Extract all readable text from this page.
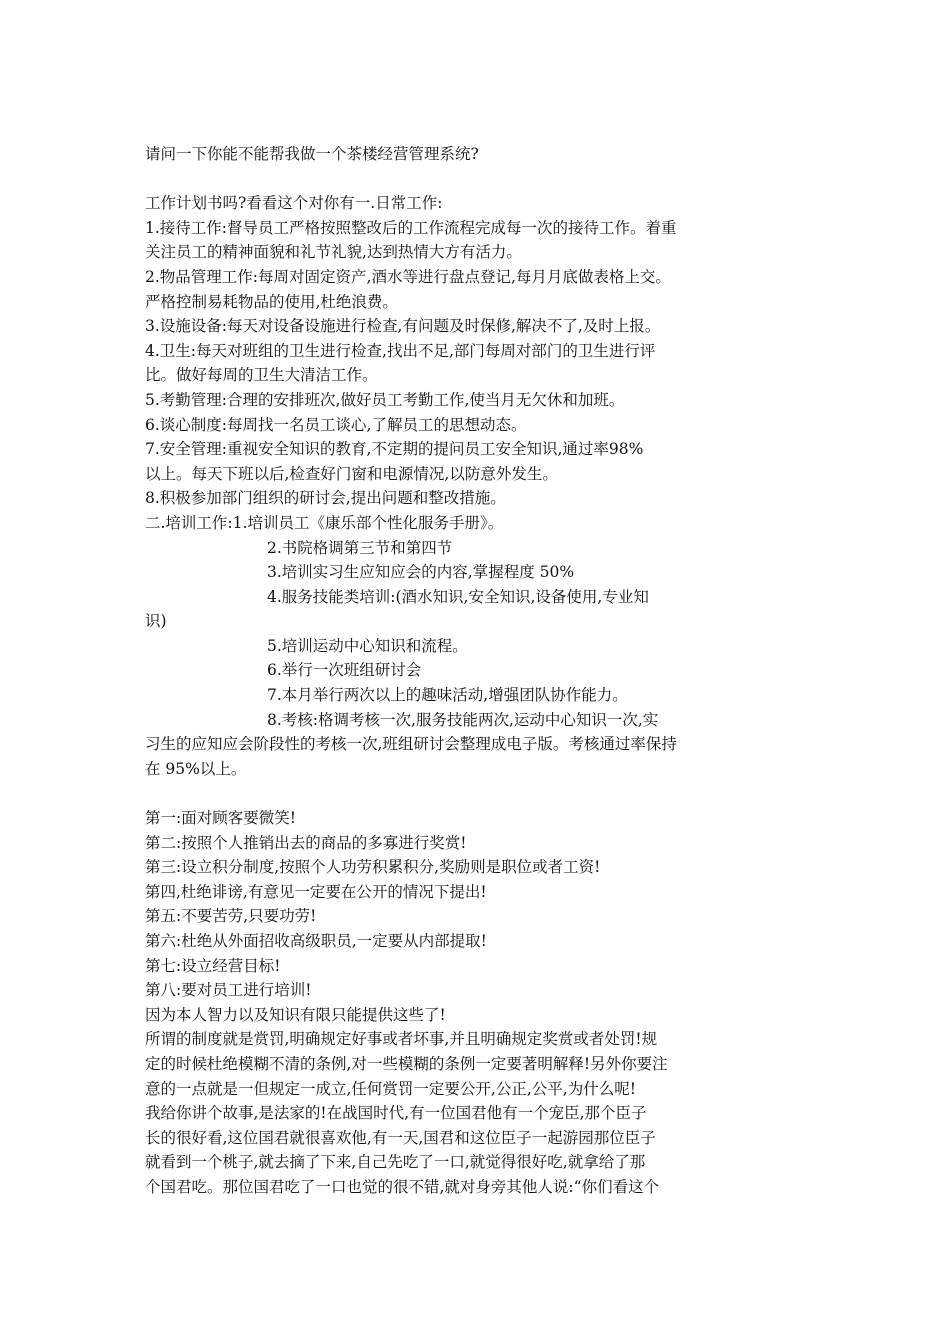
请问一下你能不能帮我做一个茶楼经营管理系统?
工作计划书吗?看看这个对你有一.日常工作:
1.接待工作:督导员工严格按照整改后的工作流程完成每一次的接待工作。着重
关注员工的精神面貌和礼节礼貌,达到热情大方有活力。
2.物品管理工作:每周对固定资产,酒水等进行盘点登记,每月月底做表格上交。
严格控制易耗物品的使用,杜绝浪费。
3.设施设备:每天对设备设施进行检查,有问题及时保修,解决不了,及时上报。
4.卫生:每天对班组的卫生进行检查,找出不足,部门每周对部门的卫生进行评
比。做好每周的卫生大清洁工作。
5.考勤管理:合理的安排班次,做好员工考勤工作,使当月无欠休和加班。
6.谈心制度:每周找一名员工谈心,了解员工的思想动态。
7.安全管理:重视安全知识的教育,不定期的提问员工安全知识,通过率98%
以上。每天下班以后,检查好门窗和电源情况,以防意外发生。
8.积极参加部门组织的研讨会,提出问题和整改措施。
二.培训工作:1.培训员工《康乐部个性化服务手册》。
2.书院格调第三节和第四节
3.培训实习生应知应会的内容,掌握程度 50%
4.服务技能类培训:(酒水知识,安全知识,设备使用,专业知
识)
5.培训运动中心知识和流程。
6.举行一次班组研讨会
7.本月举行两次以上的趣味活动,增强团队协作能力。
8.考核:格调考核一次,服务技能两次,运动中心知识一次,实
习生的应知应会阶段性的考核一次,班组研讨会整理成电子版。考核通过率保持
在 95%以上。
第一:面对顾客要微笑!
第二:按照个人推销出去的商品的多寡进行奖赏!
第三:设立积分制度,按照个人功劳积累积分,奖励则是职位或者工资!
第四,杜绝诽谤,有意见一定要在公开的情况下提出!
第五:不要苦劳,只要功劳!
第六:杜绝从外面招收高级职员,一定要从内部提取!
第七:设立经营目标!
第八:要对员工进行培训!
因为本人智力以及知识有限只能提供这些了!
所谓的制度就是赏罚,明确规定好事或者坏事,并且明确规定奖赏或者处罚!规
定的时候杜绝模糊不清的条例,对一些模糊的条例一定要著明解释!另外你要注
意的一点就是一但规定一成立,任何赏罚一定要公开,公正,公平,为什么呢!
我给你讲个故事,是法家的!在战国时代,有一位国君他有一个宠臣,那个臣子
长的很好看,这位国君就很喜欢他,有一天,国君和这位臣子一起游园那位臣子
就看到一个桃子,就去摘了下来,自己先吃了一口,就觉得很好吃,就拿给了那
个国君吃。那位国君吃了一口也觉的很不错,就对身旁其他人说:“你们看这个
